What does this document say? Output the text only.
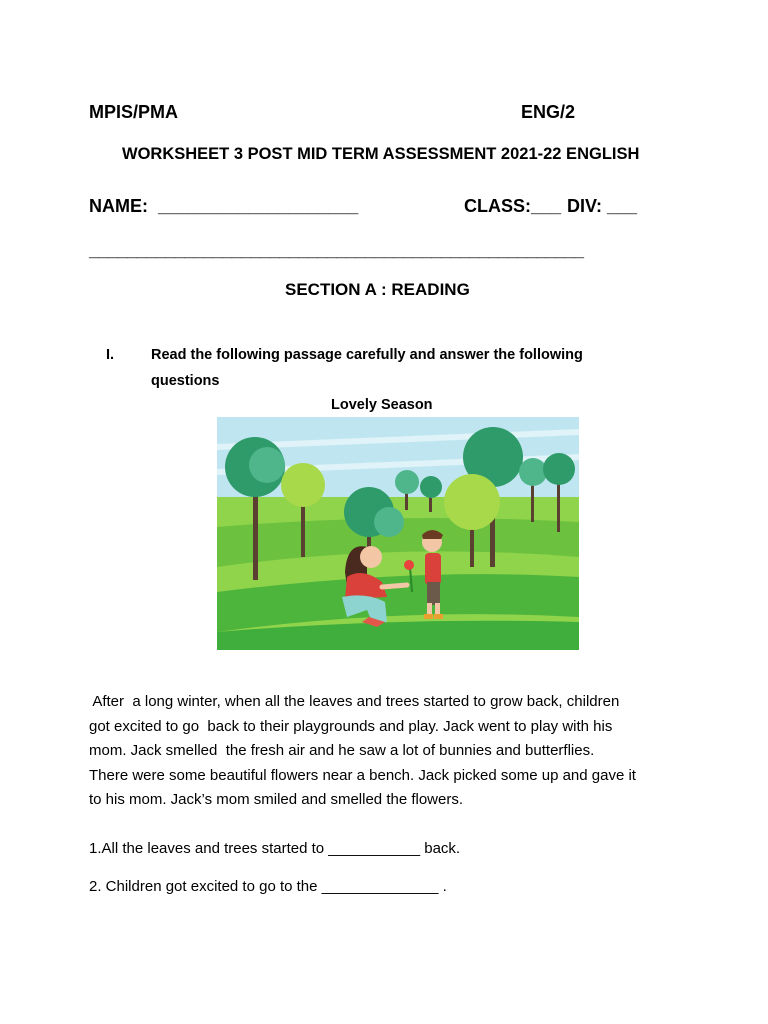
MPIS/PMA	ENG/2
WORKSHEET 3 POST MID TERM ASSESSMENT 2021-22 ENGLISH
NAME:  ____________________	CLASS:___ DIV: ___
____________________________________________________
SECTION A : READING
I.	Read the following passage carefully and answer the following
questions
Lovely Season
After  a long winter, when all the leaves and trees started to grow back, children
got excited to go  back to their playgrounds and play. Jack went to play with his
mom. Jack smelled  the fresh air and he saw a lot of bunnies and butterflies.
There were some beautiful flowers near a bench. Jack picked some up and gave it
to his mom. Jack’s mom smiled and smelled the flowers.
1.All the leaves and trees started to ___________ back.
2. Children got excited to go to the ______________ .
